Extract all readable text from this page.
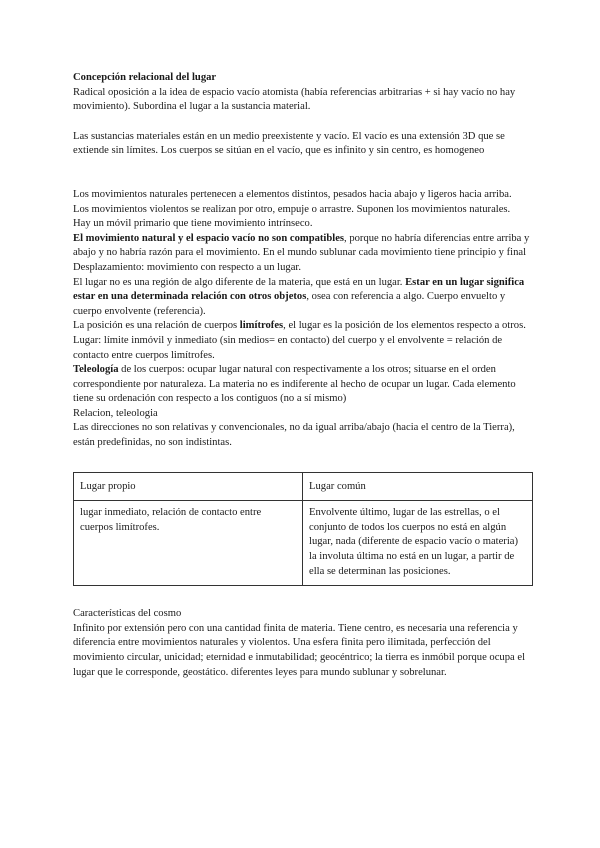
Concepción relacional del lugar

Radical oposición a la idea de espacio vacío atomista (había referencias arbitrarias + si hay vacío no hay movimiento). Subordina el lugar a la sustancia material.

Las sustancias materiales están en un medio preexistente y vacío. El vacío es una extensión 3D que se extiende sin límites. Los cuerpos se sitúan en el vacío, que es infinito y sin centro, es homogeneo

Los movimientos naturales pertenecen a elementos distintos, pesados hacia abajo y ligeros hacia arriba.

Los movimientos violentos se realizan por otro, empuje o arrastre. Suponen los movimientos naturales.

Hay un móvil primario que tiene movimiento intrínseco.

El movimiento natural y el espacio vacío no son compatibles, porque no habría diferencias entre arriba y abajo y no habría razón para el movimiento. En el mundo sublunar cada movimiento tiene principio y final

Desplazamiento: movimiento con respecto a un lugar.

El lugar no es una región de algo diferente de la materia, que está en un lugar. Estar en un lugar significa estar en una determinada relación con otros objetos, osea con referencia a algo. Cuerpo envuelto y cuerpo envolvente (referencia).

La posición es una relación de cuerpos limítrofes, el lugar es la posición de los elementos respecto a otros.

Lugar: límite inmóvil y inmediato (sin medios= en contacto) del cuerpo y el envolvente = relación de contacto entre cuerpos limítrofes.

Teleología de los cuerpos: ocupar lugar natural con respectivamente a los otros; situarse en el orden correspondiente por naturaleza. La materia no es indiferente al hecho de ocupar un lugar. Cada elemento tiene su ordenación con respecto a los contiguos (no a sí mismo)

Relacion, teleologia

Las direcciones no son relativas y convencionales, no da igual arriba/abajo (hacia el centro de la Tierra), están predefinidas, no son indistintas.

Lugar propio	Lugar común
lugar inmediato, relación de contacto entre cuerpos limítrofes.	Envolvente último, lugar de las estrellas, o el conjunto de todos los cuerpos no está en algún lugar, nada (diferente de espacio vacío o materia) la involuta última no está en un lugar, a partir de ella se determinan las posiciones.

Características del cosmo

Infinito por extensión pero con una cantidad finita de materia. Tiene centro, es necesaria una referencia y diferencia entre movimientos naturales y violentos. Una esfera finita pero ilimitada, perfección del movimiento circular, unicidad; eternidad e inmutabilidad; geocéntrico; la tierra es inmóbil porque ocupa el lugar que le corresponde, geostático. diferentes leyes para mundo sublunar y sobrelunar.
